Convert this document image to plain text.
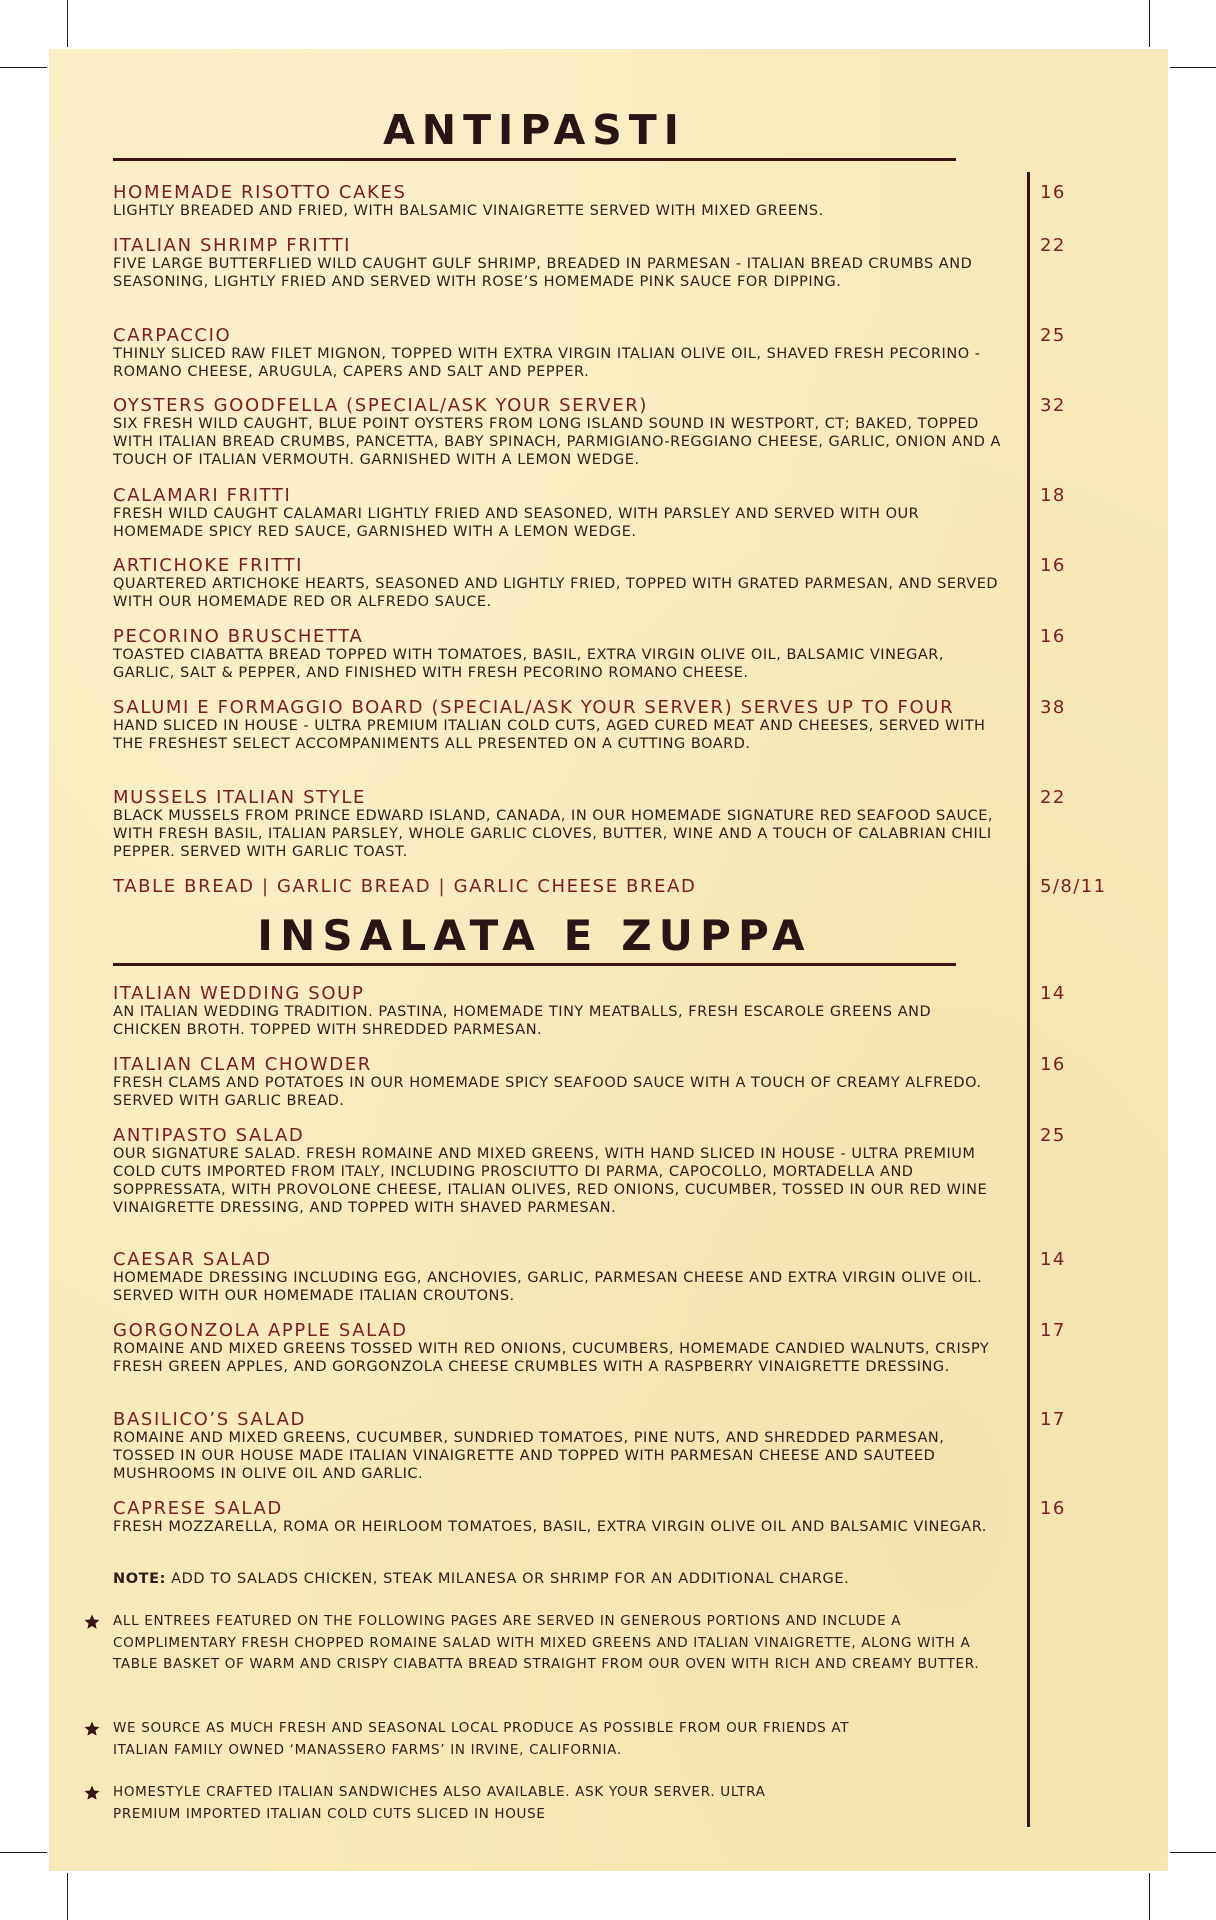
ANTIPASTI
HOMEMADE RISOTTO CAKES
LIGHTLY BREADED AND FRIED, WITH BALSAMIC VINAIGRETTE SERVED WITH MIXED GREENS.
16
ITALIAN SHRIMP FRITTI
FIVE LARGE BUTTERFLIED WILD CAUGHT GULF SHRIMP, BREADED IN PARMESAN - ITALIAN BREAD CRUMBS AND SEASONING, LIGHTLY FRIED AND SERVED WITH ROSE’S HOMEMADE PINK SAUCE FOR DIPPING.
22
CARPACCIO
THINLY SLICED RAW FILET MIGNON, TOPPED WITH EXTRA VIRGIN ITALIAN OLIVE OIL, SHAVED FRESH PECORINO - ROMANO CHEESE, ARUGULA, CAPERS AND SALT AND PEPPER.
25
OYSTERS GOODFELLA (SPECIAL/ASK YOUR SERVER)
SIX FRESH WILD CAUGHT, BLUE POINT OYSTERS FROM LONG ISLAND SOUND IN WESTPORT, CT; BAKED, TOPPED WITH ITALIAN BREAD CRUMBS, PANCETTA, BABY SPINACH, PARMIGIANO-REGGIANO CHEESE, GARLIC, ONION AND A TOUCH OF ITALIAN VERMOUTH. GARNISHED WITH A LEMON WEDGE.
32
CALAMARI FRITTI
FRESH WILD CAUGHT CALAMARI LIGHTLY FRIED AND SEASONED, WITH PARSLEY AND SERVED WITH OUR HOMEMADE SPICY RED SAUCE, GARNISHED WITH A LEMON WEDGE.
18
ARTICHOKE FRITTI
QUARTERED ARTICHOKE HEARTS, SEASONED AND LIGHTLY FRIED, TOPPED WITH GRATED PARMESAN, AND SERVED WITH OUR HOMEMADE RED OR ALFREDO SAUCE.
16
PECORINO BRUSCHETTA
TOASTED CIABATTA BREAD TOPPED WITH TOMATOES, BASIL, EXTRA VIRGIN OLIVE OIL, BALSAMIC VINEGAR, GARLIC, SALT & PEPPER, AND FINISHED WITH FRESH PECORINO ROMANO CHEESE.
16
SALUMI E FORMAGGIO BOARD (SPECIAL/ASK YOUR SERVER) SERVES UP TO FOUR
HAND SLICED IN HOUSE - ULTRA PREMIUM ITALIAN COLD CUTS, AGED CURED MEAT AND CHEESES, SERVED WITH THE FRESHEST SELECT ACCOMPANIMENTS ALL PRESENTED ON A CUTTING BOARD.
38
MUSSELS ITALIAN STYLE
BLACK MUSSELS FROM PRINCE EDWARD ISLAND, CANADA, IN OUR HOMEMADE SIGNATURE RED SEAFOOD SAUCE, WITH FRESH BASIL, ITALIAN PARSLEY, WHOLE GARLIC CLOVES, BUTTER, WINE AND A TOUCH OF CALABRIAN CHILI PEPPER. SERVED WITH GARLIC TOAST.
22
TABLE BREAD | GARLIC BREAD | GARLIC CHEESE BREAD	5/8/11
INSALATA E ZUPPA
ITALIAN WEDDING SOUP
AN ITALIAN WEDDING TRADITION. PASTINA, HOMEMADE TINY MEATBALLS, FRESH ESCAROLE GREENS AND CHICKEN BROTH. TOPPED WITH SHREDDED PARMESAN.
14
ITALIAN CLAM CHOWDER
FRESH CLAMS AND POTATOES IN OUR HOMEMADE SPICY SEAFOOD SAUCE WITH A TOUCH OF CREAMY ALFREDO. SERVED WITH GARLIC BREAD.
16
ANTIPASTO SALAD
OUR SIGNATURE SALAD. FRESH ROMAINE AND MIXED GREENS, WITH HAND SLICED IN HOUSE - ULTRA PREMIUM COLD CUTS IMPORTED FROM ITALY, INCLUDING PROSCIUTTO DI PARMA, CAPOCOLLO, MORTADELLA AND SOPPRESSATA, WITH PROVOLONE CHEESE, ITALIAN OLIVES, RED ONIONS, CUCUMBER, TOSSED IN OUR RED WINE VINAIGRETTE DRESSING, AND TOPPED WITH SHAVED PARMESAN.
25
CAESAR SALAD
HOMEMADE DRESSING INCLUDING EGG, ANCHOVIES, GARLIC, PARMESAN CHEESE AND EXTRA VIRGIN OLIVE OIL. SERVED WITH OUR HOMEMADE ITALIAN CROUTONS.
14
GORGONZOLA APPLE SALAD
ROMAINE AND MIXED GREENS TOSSED WITH RED ONIONS, CUCUMBERS, HOMEMADE CANDIED WALNUTS, CRISPY FRESH GREEN APPLES, AND GORGONZOLA CHEESE CRUMBLES WITH A RASPBERRY VINAIGRETTE DRESSING.
17
BASILICO’S SALAD
ROMAINE AND MIXED GREENS, CUCUMBER, SUNDRIED TOMATOES, PINE NUTS, AND SHREDDED PARMESAN, TOSSED IN OUR HOUSE MADE ITALIAN VINAIGRETTE AND TOPPED WITH PARMESAN CHEESE AND SAUTEED MUSHROOMS IN OLIVE OIL AND GARLIC.
17
CAPRESE SALAD
FRESH MOZZARELLA, ROMA OR HEIRLOOM TOMATOES, BASIL, EXTRA VIRGIN OLIVE OIL AND BALSAMIC VINEGAR.
16
NOTE: ADD TO SALADS CHICKEN, STEAK MILANESA OR SHRIMP FOR AN ADDITIONAL CHARGE.
ALL ENTREES FEATURED ON THE FOLLOWING PAGES ARE SERVED IN GENEROUS PORTIONS AND INCLUDE A COMPLIMENTARY FRESH CHOPPED ROMAINE SALAD WITH MIXED GREENS AND ITALIAN VINAIGRETTE, ALONG WITH A TABLE BASKET OF WARM AND CRISPY CIABATTA BREAD STRAIGHT FROM OUR OVEN WITH RICH AND CREAMY BUTTER.
WE SOURCE AS MUCH FRESH AND SEASONAL LOCAL PRODUCE AS POSSIBLE FROM OUR FRIENDS AT ITALIAN FAMILY OWNED ‘MANASSERO FARMS’ IN IRVINE, CALIFORNIA.
HOMESTYLE CRAFTED ITALIAN SANDWICHES ALSO AVAILABLE. ASK YOUR SERVER. ULTRA PREMIUM IMPORTED ITALIAN COLD CUTS SLICED IN HOUSE
